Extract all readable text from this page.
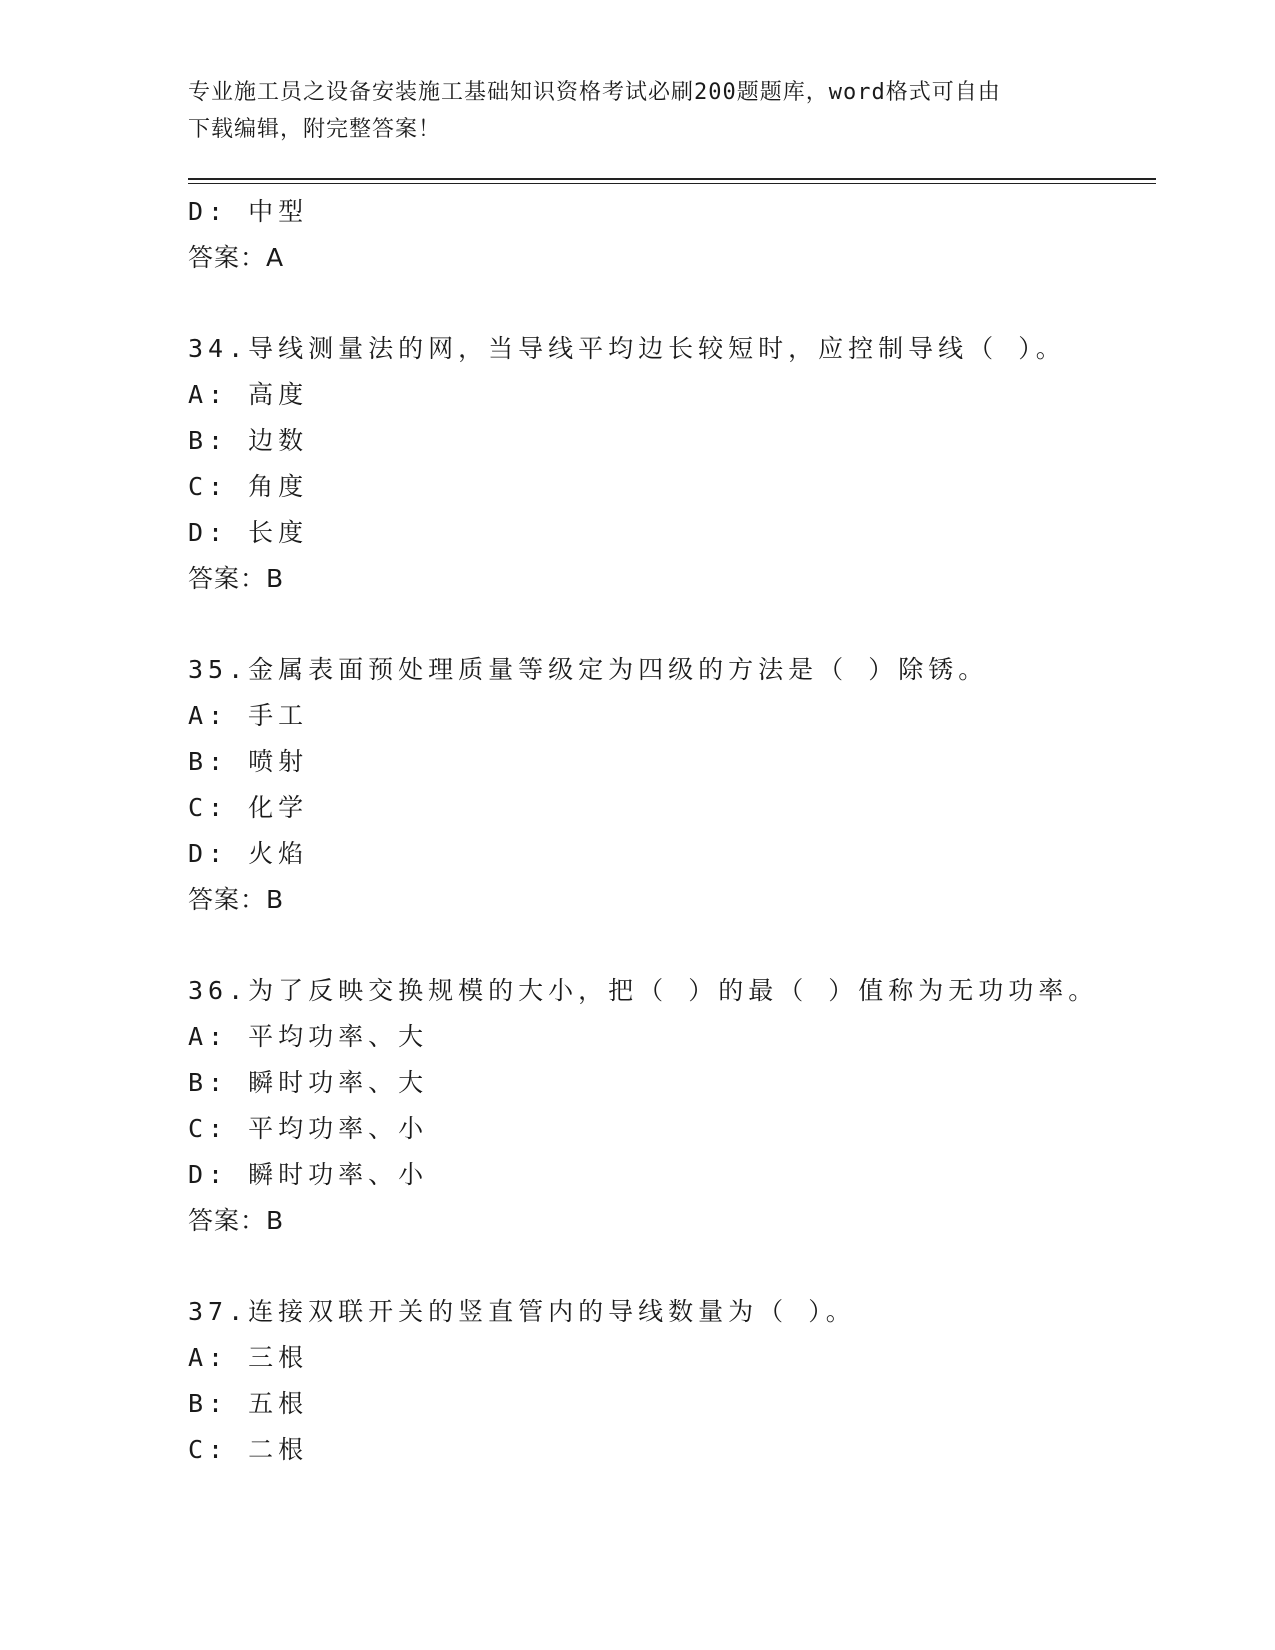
专业施工员之设备安装施工基础知识资格考试必刷200题题库，word格式可自由
下载编辑，附完整答案！
D: 中型
答案：A
34.导线测量法的网，当导线平均边长较短时，应控制导线（ ）。
A: 高度
B: 边数
C: 角度
D: 长度
答案：B
35.金属表面预处理质量等级定为四级的方法是（ ）除锈。
A: 手工
B: 喷射
C: 化学
D: 火焰
答案：B
36.为了反映交换规模的大小，把（ ）的最（ ）值称为无功功率。
A: 平均功率、大
B: 瞬时功率、大
C: 平均功率、小
D: 瞬时功率、小
答案：B
37.连接双联开关的竖直管内的导线数量为（ ）。
A: 三根
B: 五根
C: 二根
